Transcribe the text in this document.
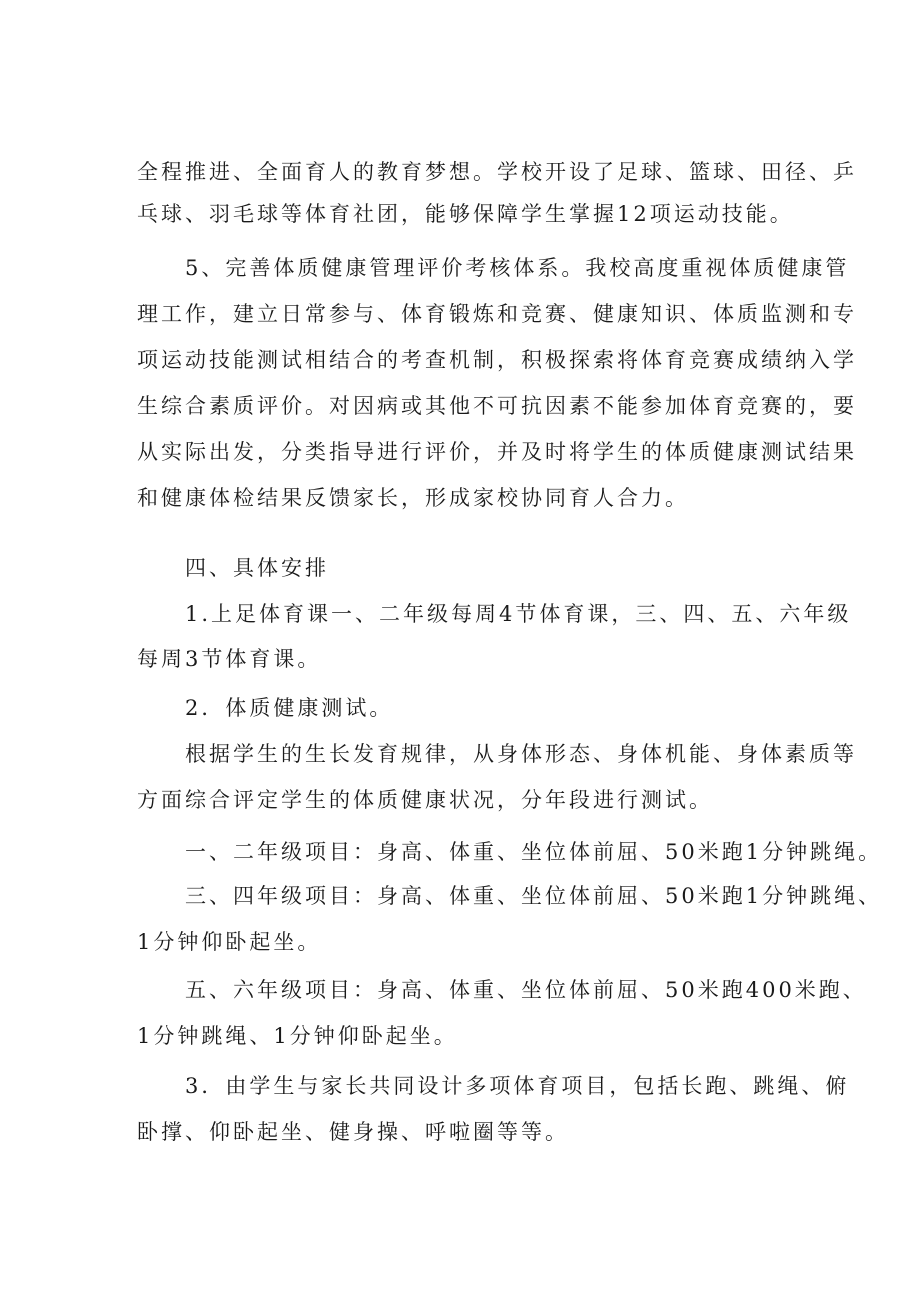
全程推进、全面育人的教育梦想。学校开设了足球、篮球、田径、乒
乓球、羽毛球等体育社团，能够保障学生掌握12项运动技能。
5、完善体质健康管理评价考核体系。我校高度重视体质健康管
理工作，建立日常参与、体育锻炼和竞赛、健康知识、体质监测和专
项运动技能测试相结合的考查机制，积极探索将体育竞赛成绩纳入学
生综合素质评价。对因病或其他不可抗因素不能参加体育竞赛的，要
从实际出发，分类指导进行评价，并及时将学生的体质健康测试结果
和健康体检结果反馈家长，形成家校协同育人合力。
四、具体安排
1.上足体育课一、二年级每周4节体育课，三、四、五、六年级
每周3节体育课。
2．体质健康测试。
根据学生的生长发育规律，从身体形态、身体机能、身体素质等
方面综合评定学生的体质健康状况，分年段进行测试。
一、二年级项目：身高、体重、坐位体前屈、50米跑1分钟跳绳。
三、四年级项目：身高、体重、坐位体前屈、50米跑1分钟跳绳、
1分钟仰卧起坐。
五、六年级项目：身高、体重、坐位体前屈、50米跑400米跑、
1分钟跳绳、1分钟仰卧起坐。
3．由学生与家长共同设计多项体育项目，包括长跑、跳绳、俯
卧撑、仰卧起坐、健身操、呼啦圈等等。
